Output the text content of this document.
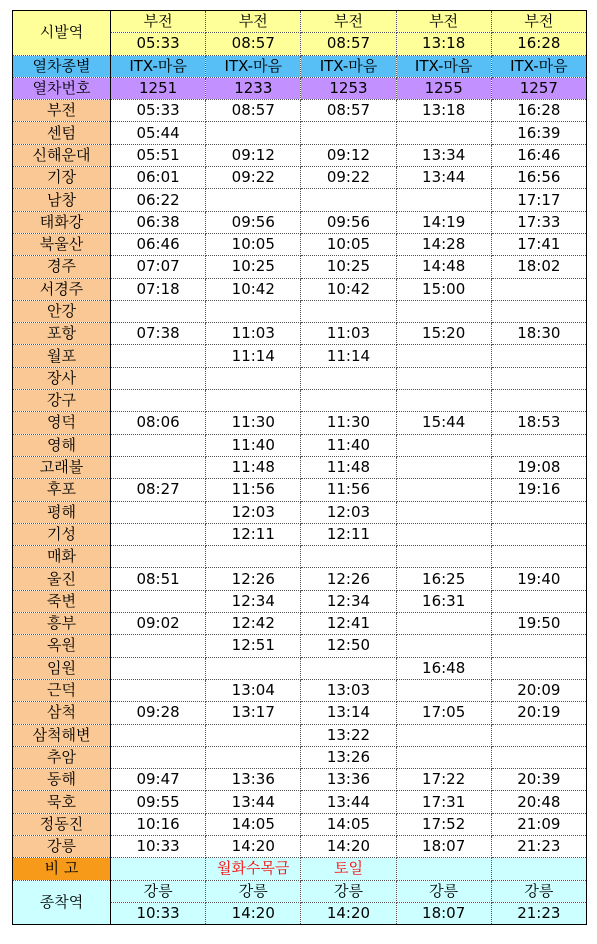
시발역	부전	부전	부전	부전	부전
	05:33	08:57	08:57	13:18	16:28
열차종별	ITX-마음	ITX-마음	ITX-마음	ITX-마음	ITX-마음
열차번호	1251	1233	1253	1255	1257
부전	05:33	08:57	08:57	13:18	16:28
센텀	05:44				16:39
신해운대	05:51	09:12	09:12	13:34	16:46
기장	06:01	09:22	09:22	13:44	16:56
남창	06:22				17:17
태화강	06:38	09:56	09:56	14:19	17:33
북울산	06:46	10:05	10:05	14:28	17:41
경주	07:07	10:25	10:25	14:48	18:02
서경주	07:18	10:42	10:42	15:00	
안강					
포항	07:38	11:03	11:03	15:20	18:30
월포		11:14	11:14		
장사					
강구					
영덕	08:06	11:30	11:30	15:44	18:53
영해		11:40	11:40		
고래불		11:48	11:48		19:08
후포	08:27	11:56	11:56		19:16
평해		12:03	12:03		
기성		12:11	12:11		
매화					
울진	08:51	12:26	12:26	16:25	19:40
죽변		12:34	12:34	16:31	
흥부	09:02	12:42	12:41		19:50
옥원		12:51	12:50		
임원				16:48	
근덕		13:04	13:03		20:09
삼척	09:28	13:17	13:14	17:05	20:19
삼척해변			13:22		
추암			13:26		
동해	09:47	13:36	13:36	17:22	20:39
묵호	09:55	13:44	13:44	17:31	20:48
정동진	10:16	14:05	14:05	17:52	21:09
강릉	10:33	14:20	14:20	18:07	21:23
비 고		월화수목금	토일		
종착역	강릉	강릉	강릉	강릉	강릉
	10:33	14:20	14:20	18:07	21:23
